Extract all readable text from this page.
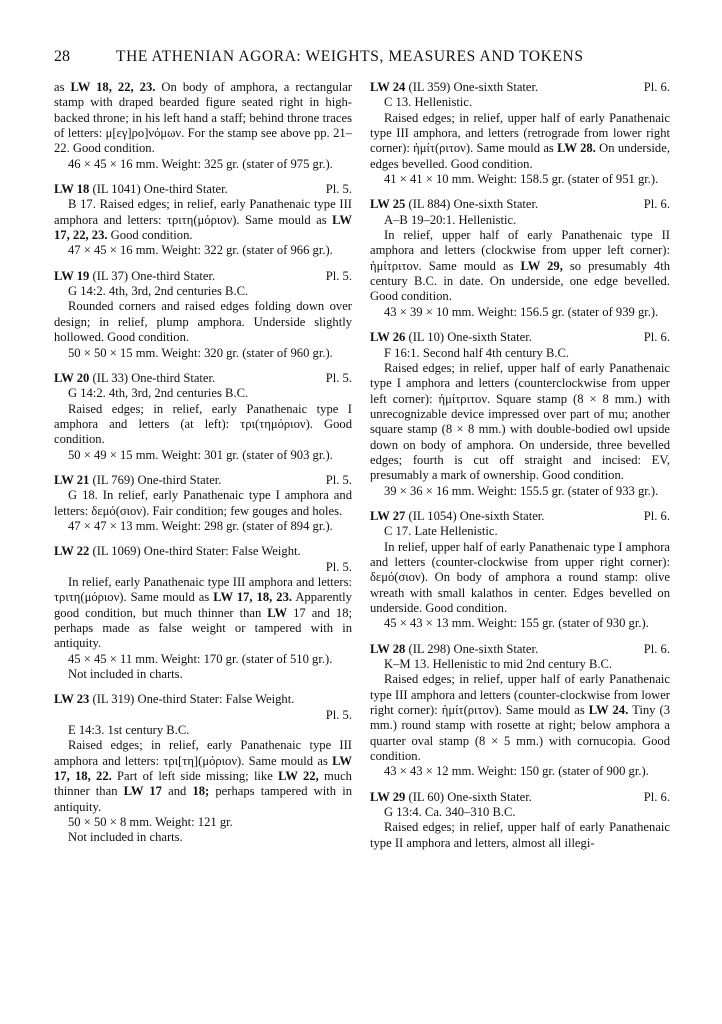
28	THE ATHENIAN AGORA: WEIGHTS, MEASURES AND TOKENS

as LW 18, 22, 23. On body of amphora, a rectangular stamp with draped bearded figure seated right in high-backed throne; in his left hand a staff; behind throne traces of letters: μ[εγ]ρο]νόμων. For the stamp see above pp. 21–22. Good condition.

46 × 45 × 16 mm. Weight: 325 gr. (stater of 975 gr.).

LW 18 (IL 1041) One-third Stater.	Pl. 5.

B 17. Raised edges; in relief, early Panathenaic type III amphora and letters: τριτη(μόριον). Same mould as LW 17, 22, 23. Good condition.

47 × 45 × 16 mm. Weight: 322 gr. (stater of 966 gr.).

LW 19 (IL 37) One-third Stater.	Pl. 5.

G 14:2. 4th, 3rd, 2nd centuries B.C.

Rounded corners and raised edges folding down over design; in relief, plump amphora. Underside slightly hollowed. Good condition.

50 × 50 × 15 mm. Weight: 320 gr. (stater of 960 gr.).

LW 20 (IL 33) One-third Stater.	Pl. 5.

G 14:2. 4th, 3rd, 2nd centuries B.C.

Raised edges; in relief, early Panathenaic type I amphora and letters (at left): τρι(τημόριον). Good condition.

50 × 49 × 15 mm. Weight: 301 gr. (stater of 903 gr.).

LW 21 (IL 769) One-third Stater.	Pl. 5.

G 18. In relief, early Panathenaic type I amphora and letters: δεμό(σιον). Fair condition; few gouges and holes.

47 × 47 × 13 mm. Weight: 298 gr. (stater of 894 gr.).

LW 22 (IL 1069) One-third Stater: False Weight.

Pl. 5.

In relief, early Panathenaic type III amphora and letters: τριτη(μόριον). Same mould as LW 17, 18, 23. Apparently good condition, but much thinner than LW 17 and 18; perhaps made as false weight or tampered with in antiquity.

45 × 45 × 11 mm. Weight: 170 gr. (stater of 510 gr.).

Not included in charts.

LW 23 (IL 319) One-third Stater: False Weight.

Pl. 5.

E 14:3. 1st century B.C.

Raised edges; in relief, early Panathenaic type III amphora and letters: τρι[τη](μόριον). Same mould as LW 17, 18, 22. Part of left side missing; like LW 22, much thinner than LW 17 and 18; perhaps tampered with in antiquity.

50 × 50 × 8 mm. Weight: 121 gr.

Not included in charts.

LW 24 (IL 359) One-sixth Stater.	Pl. 6.

C 13. Hellenistic.

Raised edges; in relief, upper half of early Panathenaic type III amphora, and letters (retrograde from lower right corner): ἡμίτ(ριτον). Same mould as LW 28. On underside, edges bevelled. Good condition.

41 × 41 × 10 mm. Weight: 158.5 gr. (stater of 951 gr.).

LW 25 (IL 884) One-sixth Stater.	Pl. 6.

A–B 19–20:1. Hellenistic.

In relief, upper half of early Panathenaic type II amphora and letters (clockwise from upper left corner): ἡμίτριτον. Same mould as LW 29, so presumably 4th century B.C. in date. On underside, one edge bevelled. Good condition.

43 × 39 × 10 mm. Weight: 156.5 gr. (stater of 939 gr.).

LW 26 (IL 10) One-sixth Stater.	Pl. 6.

F 16:1. Second half 4th century B.C.

Raised edges; in relief, upper half of early Panathenaic type I amphora and letters (counterclockwise from upper left corner): ἡμίτριτον. Square stamp (8 × 8 mm.) with unrecognizable device impressed over part of mu; another square stamp (8 × 8 mm.) with double-bodied owl upside down on body of amphora. On underside, three bevelled edges; fourth is cut off straight and incised: EV, presumably a mark of ownership. Good condition.

39 × 36 × 16 mm. Weight: 155.5 gr. (stater of 933 gr.).

LW 27 (IL 1054) One-sixth Stater.	Pl. 6.

C 17. Late Hellenistic.

In relief, upper half of early Panathenaic type I amphora and letters (counter-clockwise from upper right corner): δεμό(σιον). On body of amphora a round stamp: olive wreath with small kalathos in center. Edges bevelled on underside. Good condition.

45 × 43 × 13 mm. Weight: 155 gr. (stater of 930 gr.).

LW 28 (IL 298) One-sixth Stater.	Pl. 6.

K–M 13. Hellenistic to mid 2nd century B.C.

Raised edges; in relief, upper half of early Panathenaic type III amphora and letters (counter-clockwise from lower right corner): ἡμίτ(ριτον). Same mould as LW 24. Tiny (3 mm.) round stamp with rosette at right; below amphora a quarter oval stamp (8 × 5 mm.) with cornucopia. Good condition.

43 × 43 × 12 mm. Weight: 150 gr. (stater of 900 gr.).

LW 29 (IL 60) One-sixth Stater.	Pl. 6.

G 13:4. Ca. 340–310 B.C.

Raised edges; in relief, upper half of early Panathenaic type II amphora and letters, almost all illegi-
